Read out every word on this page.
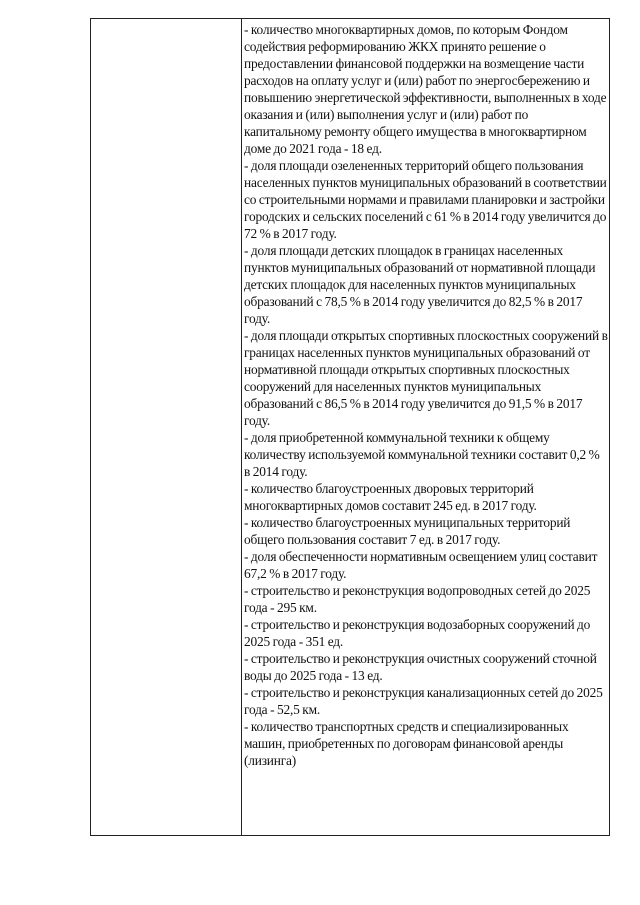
- количество многоквартирных домов, по которым Фондом содействия реформированию ЖКХ принято решение о предоставлении финансовой поддержки на возмещение части расходов на оплату услуг и (или) работ по энергосбережению и повышению энергетической эффективности, выполненных в ходе оказания и (или) выполнения услуг и (или) работ по капитальному ремонту общего имущества в многоквартирном доме до 2021 года - 18 ед.

- доля площади озелененных территорий общего пользования населенных пунктов муниципальных образований в соответствии со строительными нормами и правилами планировки и застройки городских и сельских поселений с 61 % в 2014 году увеличится до 72 % в 2017 году.

- доля площади детских площадок в границах населенных пунктов муниципальных образований от нормативной площади детских площадок для населенных пунктов муниципальных образований с 78,5 % в 2014 году увеличится до 82,5 % в 2017 году.

- доля площади открытых спортивных плоскостных сооружений в границах населенных пунктов муниципальных образований от нормативной площади открытых спортивных плоскостных сооружений для населенных пунктов муниципальных образований с 86,5 % в 2014 году увеличится до 91,5 % в 2017 году.

- доля приобретенной коммунальной техники к общему количеству используемой коммунальной техники составит 0,2 % в 2014 году.

- количество благоустроенных дворовых территорий многоквартирных домов составит 245 ед. в 2017 году.

- количество благоустроенных муниципальных территорий общего пользования составит 7 ед. в 2017 году.

- доля обеспеченности нормативным освещением улиц составит 67,2 % в 2017 году.

- строительство и реконструкция водопроводных сетей до 2025 года - 295 км.

- строительство и реконструкция водозаборных сооружений до 2025 года - 351 ед.

- строительство и реконструкция очистных сооружений сточной воды до 2025 года - 13 ед.

- строительство и реконструкция канализационных сетей до 2025 года - 52,5 км.

- количество транспортных средств и специализированных машин, приобретенных по договорам финансовой аренды (лизинга)
